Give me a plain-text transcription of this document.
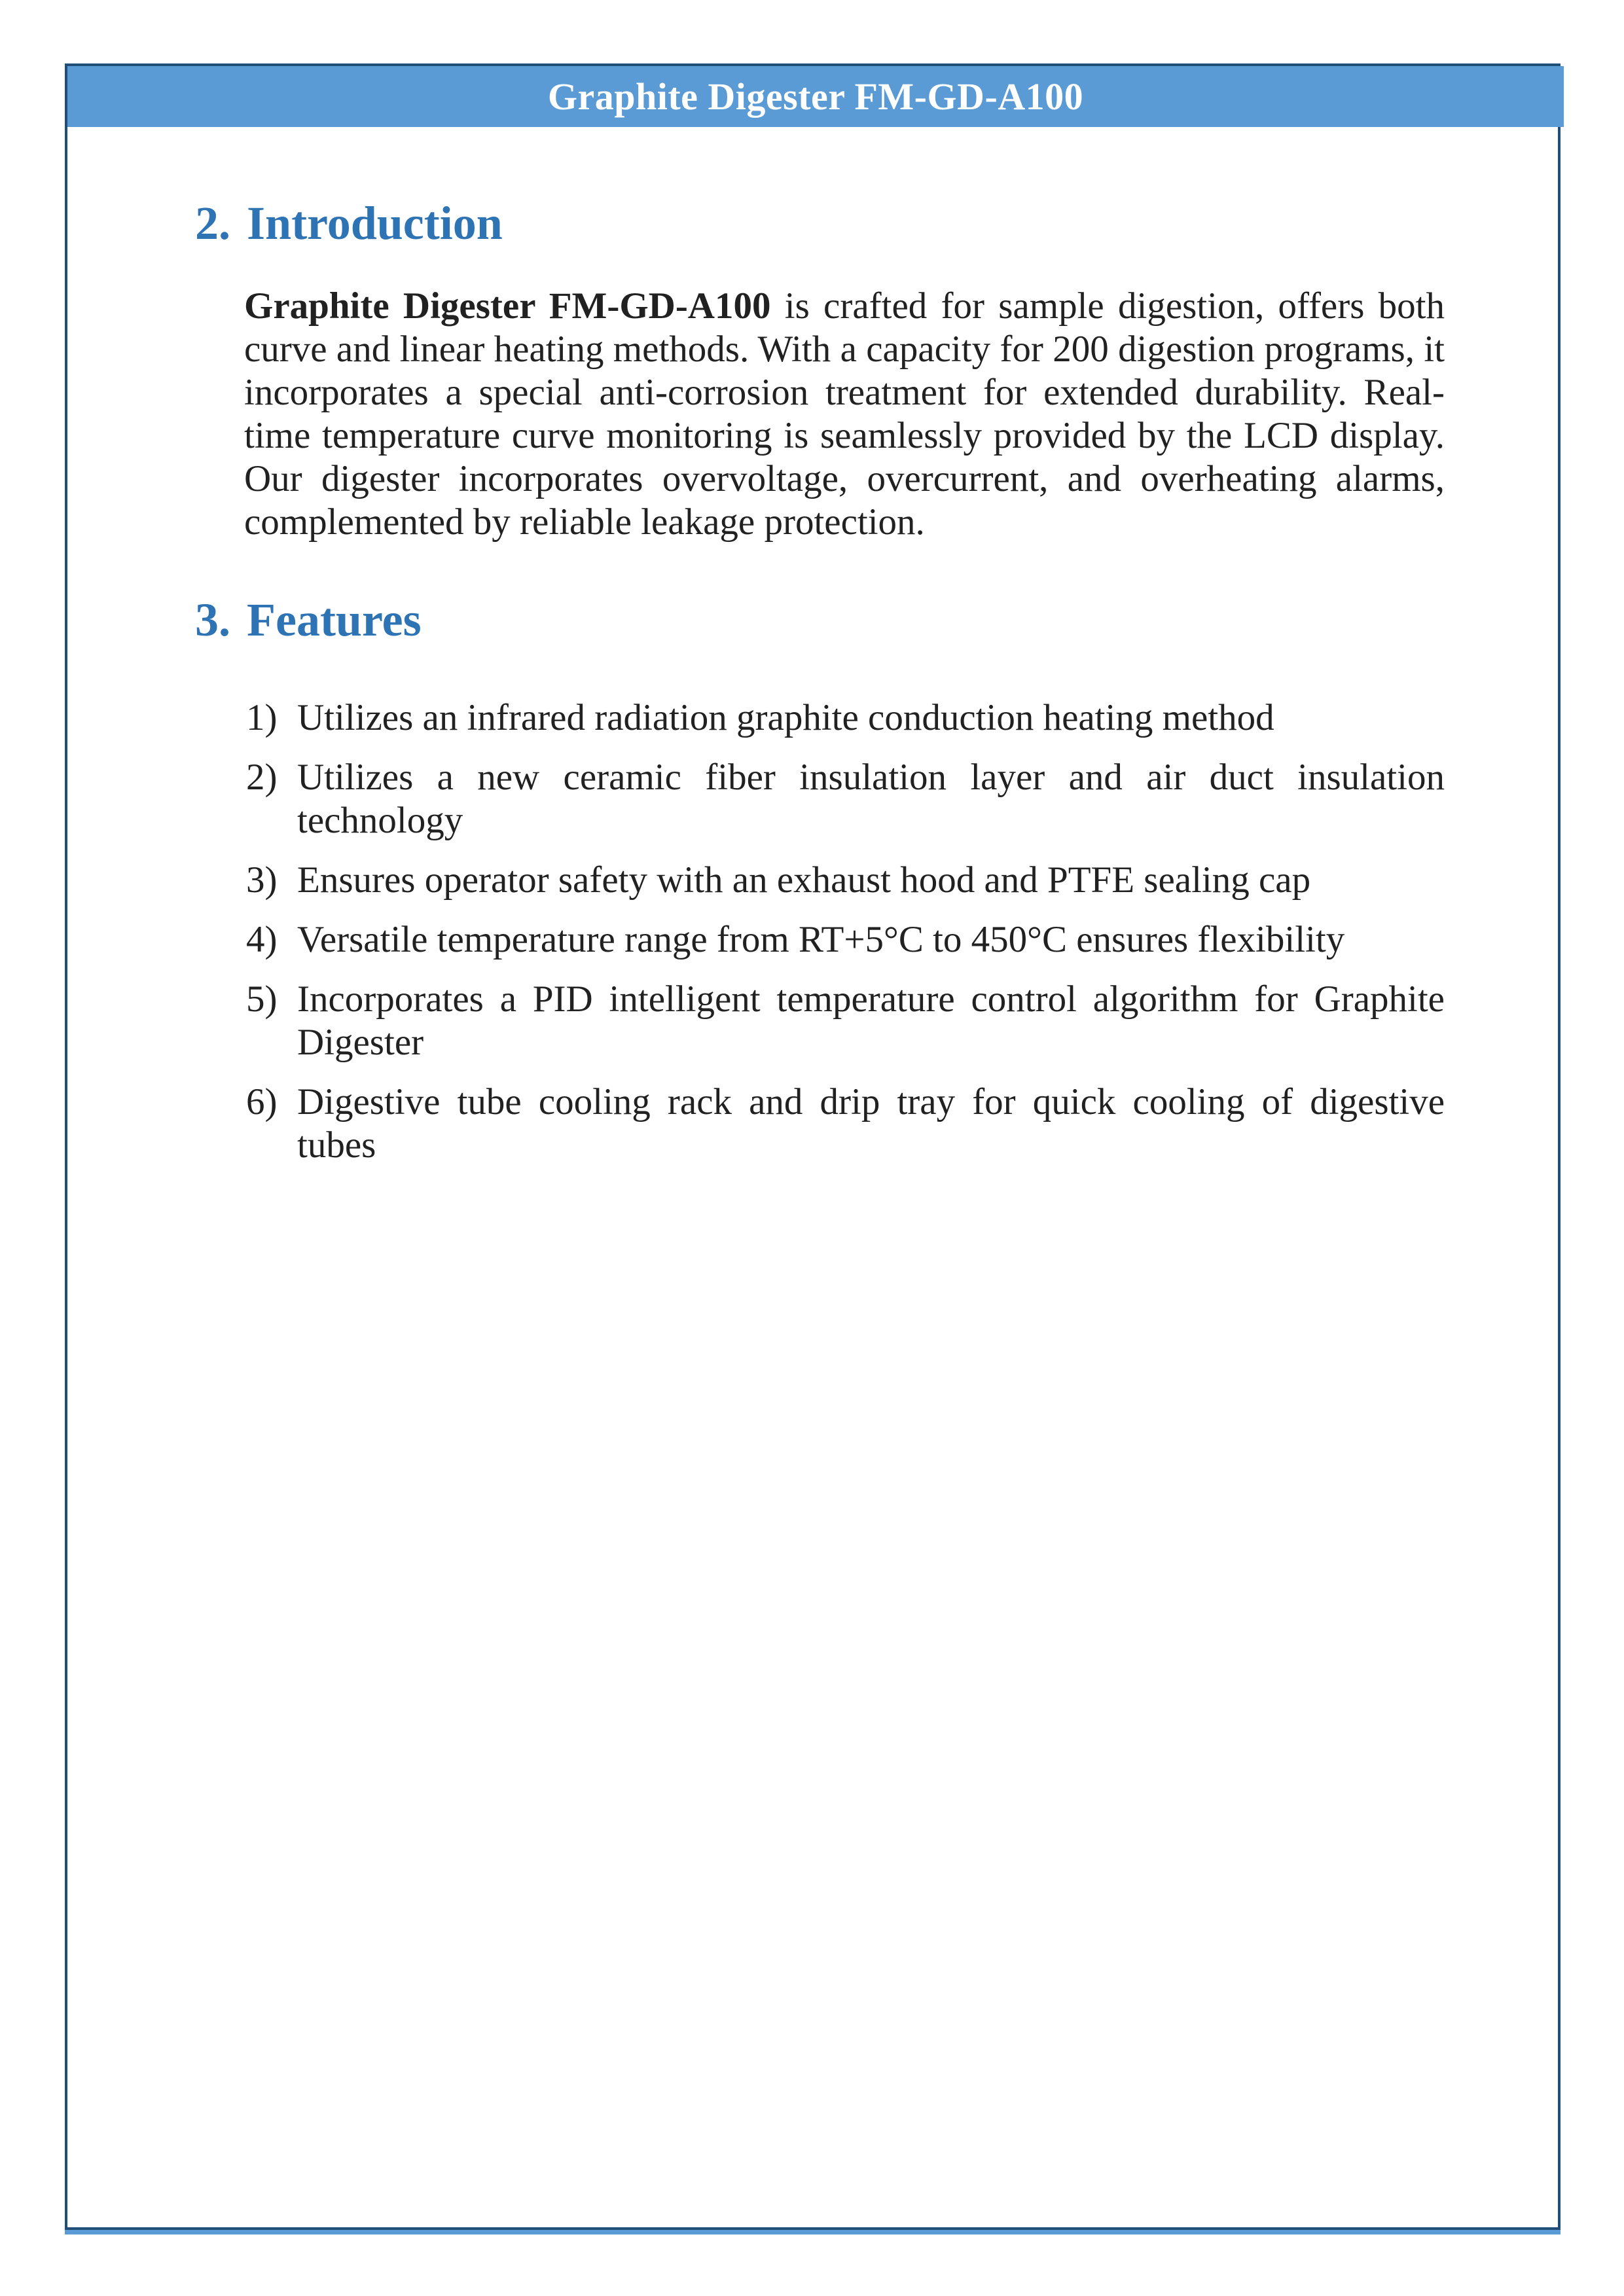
Graphite Digester FM-GD-A100
2. Introduction

Graphite Digester FM-GD-A100 is crafted for sample digestion, offers both curve and linear heating methods. With a capacity for 200 digestion programs, it incorporates a special anti-corrosion treatment for extended durability. Real-time temperature curve monitoring is seamlessly provided by the LCD display. Our digester incorporates overvoltage, overcurrent, and overheating alarms, complemented by reliable leakage protection.

3. Features
1) Utilizes an infrared radiation graphite conduction heating method
2) Utilizes a new ceramic fiber insulation layer and air duct insulation technology
3) Ensures operator safety with an exhaust hood and PTFE sealing cap
4) Versatile temperature range from RT+5°C to 450°C ensures flexibility
5) Incorporates a PID intelligent temperature control algorithm for Graphite Digester
6) Digestive tube cooling rack and drip tray for quick cooling of digestive tubes
